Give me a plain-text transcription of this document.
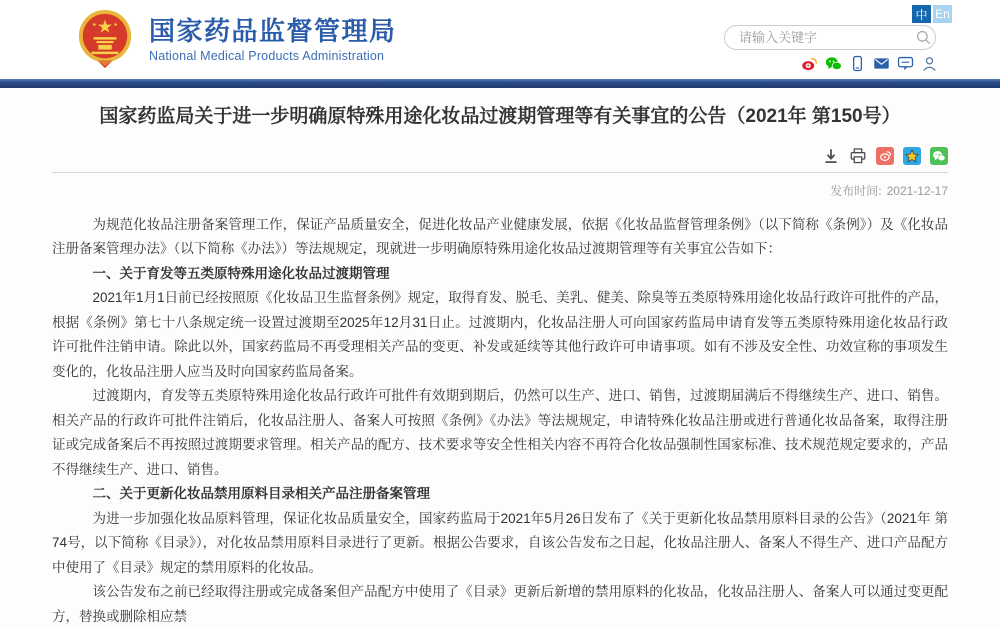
国家药品监督管理局
National Medical Products Administration
中 En
请输入关键字
国家药监局关于进一步明确原特殊用途化妆品过渡期管理等有关事宜的公告（2021年 第150号）
发布时间: 2021-12-17

为规范化妆品注册备案管理工作，保证产品质量安全，促进化妆品产业健康发展，依据《化妆品监督管理条例》（以下简称《条例》）及《化妆品注册备案管理办法》（以下简称《办法》）等法规规定，现就进一步明确原特殊用途化妆品过渡期管理等有关事宜公告如下：

一、关于育发等五类原特殊用途化妆品过渡期管理

2021年1月1日前已经按照原《化妆品卫生监督条例》规定，取得育发、脱毛、美乳、健美、除臭等五类原特殊用途化妆品行政许可批件的产品，根据《条例》第七十八条规定统一设置过渡期至2025年12月31日止。过渡期内，化妆品注册人可向国家药监局申请育发等五类原特殊用途化妆品行政许可批件注销申请。除此以外，国家药监局不再受理相关产品的变更、补发或延续等其他行政许可申请事项。如有不涉及安全性、功效宣称的事项发生变化的，化妆品注册人应当及时向国家药监局备案。

过渡期内，育发等五类原特殊用途化妆品行政许可批件有效期到期后，仍然可以生产、进口、销售，过渡期届满后不得继续生产、进口、销售。相关产品的行政许可批件注销后，化妆品注册人、备案人可按照《条例》《办法》等法规规定，申请特殊化妆品注册或进行普通化妆品备案，取得注册证或完成备案后不再按照过渡期要求管理。相关产品的配方、技术要求等安全性相关内容不再符合化妆品强制性国家标准、技术规范规定要求的，产品不得继续生产、进口、销售。

二、关于更新化妆品禁用原料目录相关产品注册备案管理

为进一步加强化妆品原料管理，保证化妆品质量安全，国家药监局于2021年5月26日发布了《关于更新化妆品禁用原料目录的公告》（2021年 第74号，以下简称《目录》），对化妆品禁用原料目录进行了更新。根据公告要求，自该公告发布之日起，化妆品注册人、备案人不得生产、进口产品配方中使用了《目录》规定的禁用原料的化妆品。

该公告发布之前已经取得注册或完成备案但产品配方中使用了《目录》更新后新增的禁用原料的化妆品，化妆品注册人、备案人可以通过变更配方，替换或删除相应禁
